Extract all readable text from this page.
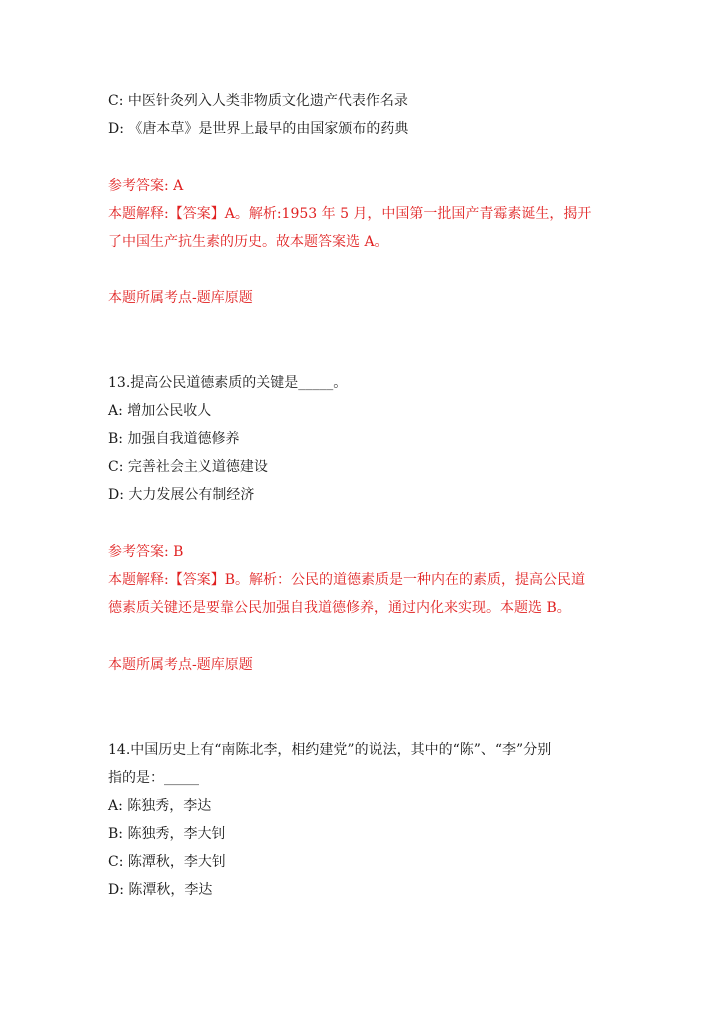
C: 中医针灸列入人类非物质文化遗产代表作名录
D: 《唐本草》是世界上最早的由国家颁布的药典
参考答案: A
本题解释:【答案】A。解析:1953 年 5 月，中国第一批国产青霉素诞生，揭开
了中国生产抗生素的历史。故本题答案选 A。
本题所属考点-题库原题
13.提高公民道德素质的关键是_____。
A: 增加公民收人
B: 加强自我道德修养
C: 完善社会主义道德建设
D: 大力发展公有制经济
参考答案: B
本题解释:【答案】B。解析：公民的道德素质是一种内在的素质，提高公民道
德素质关键还是要靠公民加强自我道德修养，通过内化来实现。本题选 B。
本题所属考点-题库原题
14.中国历史上有“南陈北李，相约建党”的说法，其中的“陈”、“李”分别
指的是：_____
A: 陈独秀，李达
B: 陈独秀，李大钊
C: 陈潭秋，李大钊
D: 陈潭秋，李达
